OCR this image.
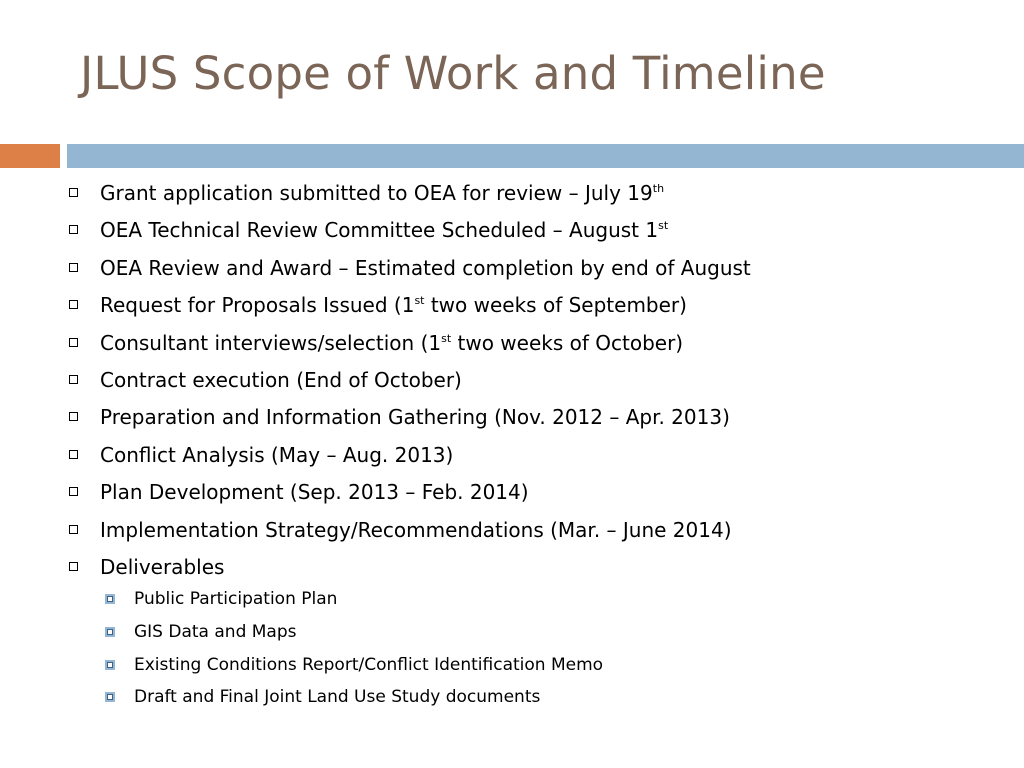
JLUS Scope of Work and Timeline
Grant application submitted to OEA for review – July 19th
OEA Technical Review Committee Scheduled – August 1st
OEA Review and Award – Estimated completion by end of August
Request for Proposals Issued (1st two weeks of September)
Consultant interviews/selection (1st two weeks of October)
Contract execution (End of October)
Preparation and Information Gathering (Nov. 2012 – Apr. 2013)
Conflict Analysis (May – Aug. 2013)
Plan Development (Sep. 2013 – Feb. 2014)
Implementation Strategy/Recommendations (Mar. – June 2014)
Deliverables
Public Participation Plan
GIS Data and Maps
Existing Conditions Report/Conflict Identification Memo
Draft and Final Joint Land Use Study documents
